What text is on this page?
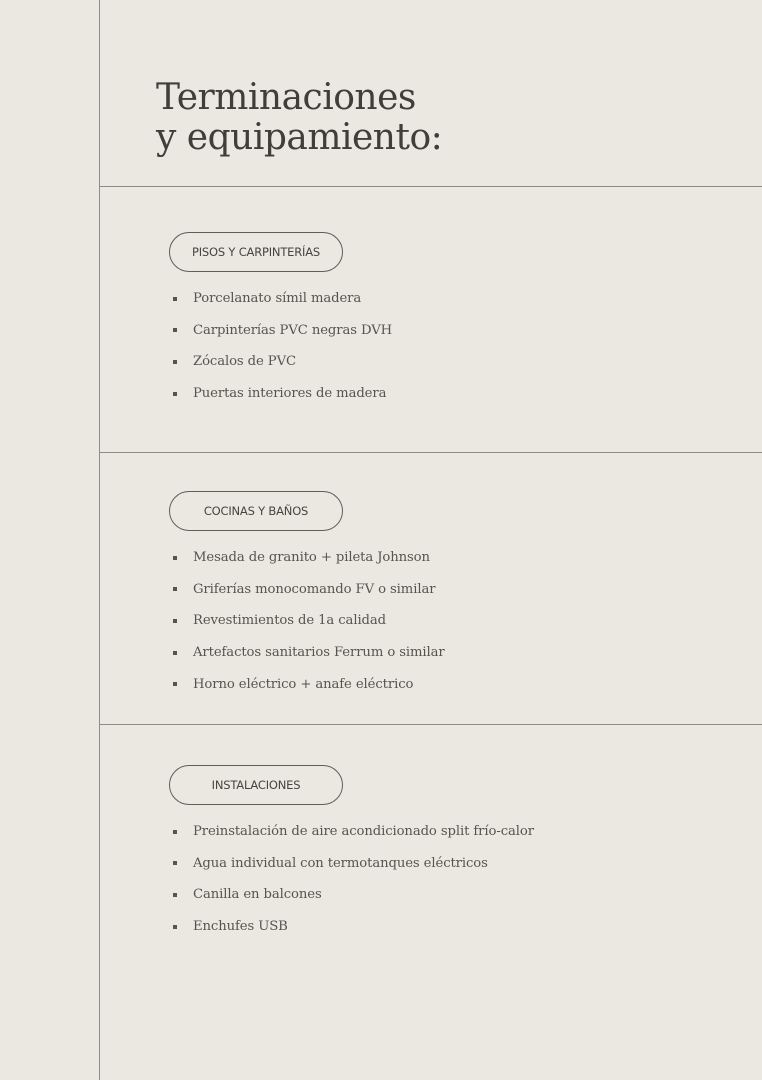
Terminaciones
y equipamiento:
PISOS Y CARPINTERÍAS
Porcelanato símil madera
Carpinterías PVC negras DVH
Zócalos de PVC
Puertas interiores de madera
COCINAS Y BAÑOS
Mesada de granito + pileta Johnson
Griferías monocomando FV o similar
Revestimientos de 1a calidad
Artefactos sanitarios Ferrum o similar
Horno eléctrico + anafe eléctrico
INSTALACIONES
Preinstalación de aire acondicionado split frío-calor
Agua individual con termotanques eléctricos
Canilla en balcones
Enchufes USB
